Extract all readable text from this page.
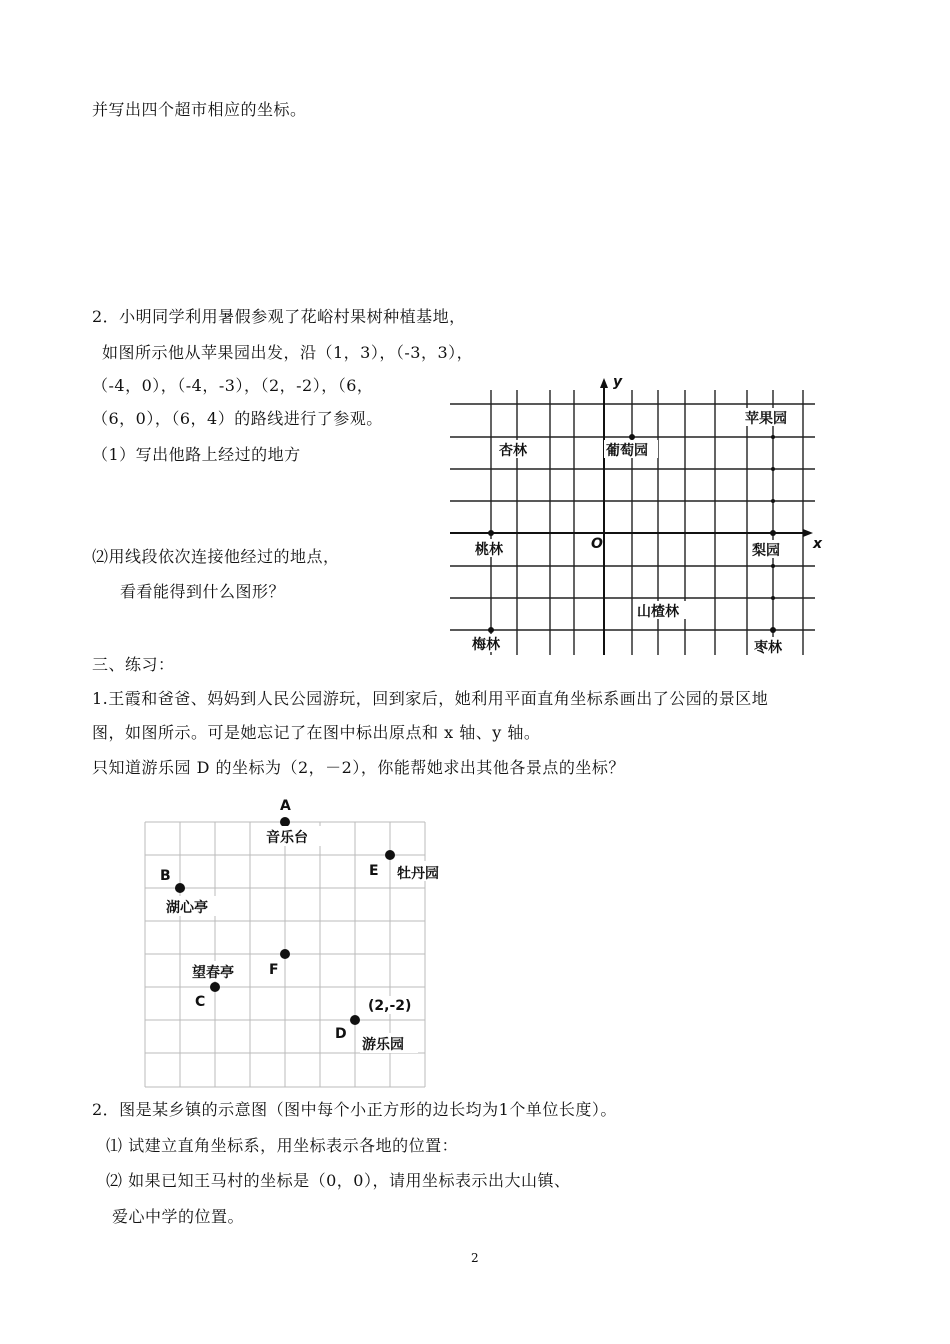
并写出四个超市相应的坐标。
2．小明同学利用暑假参观了花峪村果树种植基地，
如图所示他从苹果园出发，沿（1，3），（-3，3），
（-4，0），（-4，-3），（2，-2），（6，
（6，0），（6，4）的路线进行了参观。
（1）写出他路上经过的地方
⑵用线段依次连接他经过的地点，
看看能得到什么图形？
x
y
O
苹果园
杏林	葡萄园
桃林	梨园
山楂林
梅林	枣林
三、练习：
1.王霞和爸爸、妈妈到人民公园游玩，回到家后，她利用平面直角坐标系画出了公园的景区地
图，如图所示。可是她忘记了在图中标出原点和 x 轴、y 轴。
只知道游乐园 D 的坐标为（2，－2），你能帮她求出其他各景点的坐标？
A
音乐台
B
湖心亭
望春亭
C
D
(2,-2)
游乐园
E 牡丹园
F
2．图是某乡镇的示意图（图中每个小正方形的边长均为1个单位长度）。
⑴ 试建立直角坐标系，用坐标表示各地的位置：
⑵ 如果已知王马村的坐标是（0，0），请用坐标表示出大山镇、
爱心中学的位置。
2
